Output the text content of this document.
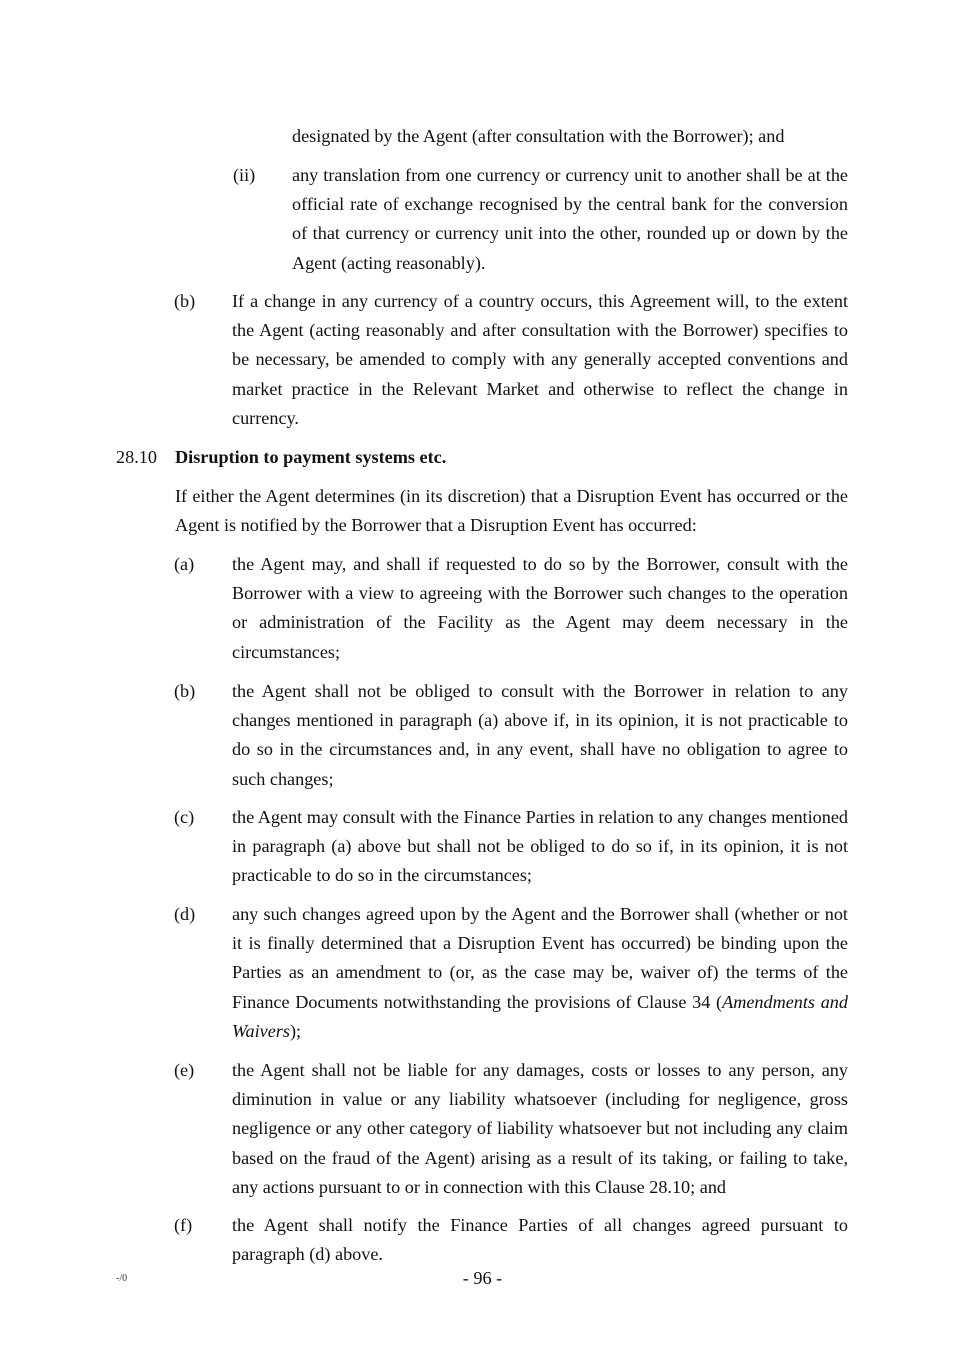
designated by the Agent (after consultation with the Borrower); and

(ii) any translation from one currency or currency unit to another shall be at the official rate of exchange recognised by the central bank for the conversion of that currency or currency unit into the other, rounded up or down by the Agent (acting reasonably).

(b) If a change in any currency of a country occurs, this Agreement will, to the extent the Agent (acting reasonably and after consultation with the Borrower) specifies to be necessary, be amended to comply with any generally accepted conventions and market practice in the Relevant Market and otherwise to reflect the change in currency.

28.10 Disruption to payment systems etc.

If either the Agent determines (in its discretion) that a Disruption Event has occurred or the Agent is notified by the Borrower that a Disruption Event has occurred:

(a) the Agent may, and shall if requested to do so by the Borrower, consult with the Borrower with a view to agreeing with the Borrower such changes to the operation or administration of the Facility as the Agent may deem necessary in the circumstances;

(b) the Agent shall not be obliged to consult with the Borrower in relation to any changes mentioned in paragraph (a) above if, in its opinion, it is not practicable to do so in the circumstances and, in any event, shall have no obligation to agree to such changes;

(c) the Agent may consult with the Finance Parties in relation to any changes mentioned in paragraph (a) above but shall not be obliged to do so if, in its opinion, it is not practicable to do so in the circumstances;

(d) any such changes agreed upon by the Agent and the Borrower shall (whether or not it is finally determined that a Disruption Event has occurred) be binding upon the Parties as an amendment to (or, as the case may be, waiver of) the terms of the Finance Documents notwithstanding the provisions of Clause 34 (Amendments and Waivers);

(e) the Agent shall not be liable for any damages, costs or losses to any person, any diminution in value or any liability whatsoever (including for negligence, gross negligence or any other category of liability whatsoever but not including any claim based on the fraud of the Agent) arising as a result of its taking, or failing to take, any actions pursuant to or in connection with this Clause 28.10; and

(f) the Agent shall notify the Finance Parties of all changes agreed pursuant to paragraph (d) above.

-/0	- 96 -
